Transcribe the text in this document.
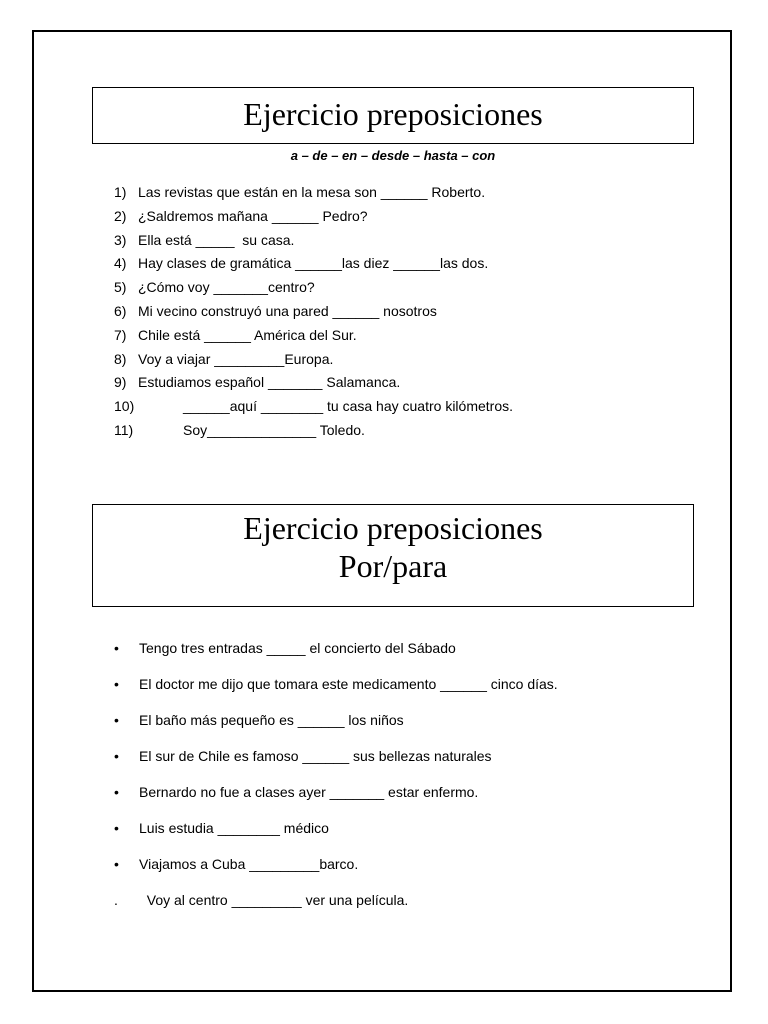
Ejercicio preposiciones
a – de – en – desde – hasta – con
1) Las revistas que están en la mesa son ______ Roberto.
2) ¿Saldremos mañana ______ Pedro?
3) Ella está _____  su casa.
4) Hay clases de gramática ______las diez ______las dos.
5) ¿Cómo voy _______centro?
6) Mi vecino construyó una pared ______ nosotros
7) Chile está ______ América del Sur.
8) Voy a viajar _________Europa.
9) Estudiamos español _______ Salamanca.
10)	______aquí ________ tu casa hay cuatro kilómetros.
11)	Soy______________ Toledo.
Ejercicio preposiciones
Por/para
• Tengo tres entradas _____ el concierto del Sábado
• El doctor me dijo que tomara este medicamento ______ cinco días.
• El baño más pequeño es ______ los niños
• El sur de Chile es famoso ______ sus bellezas naturales
• Bernardo no fue a clases ayer _______ estar enfermo.
• Luis estudia ________ médico
• Viajamos a Cuba _________barco.
.  Voy al centro _________ ver una película.
